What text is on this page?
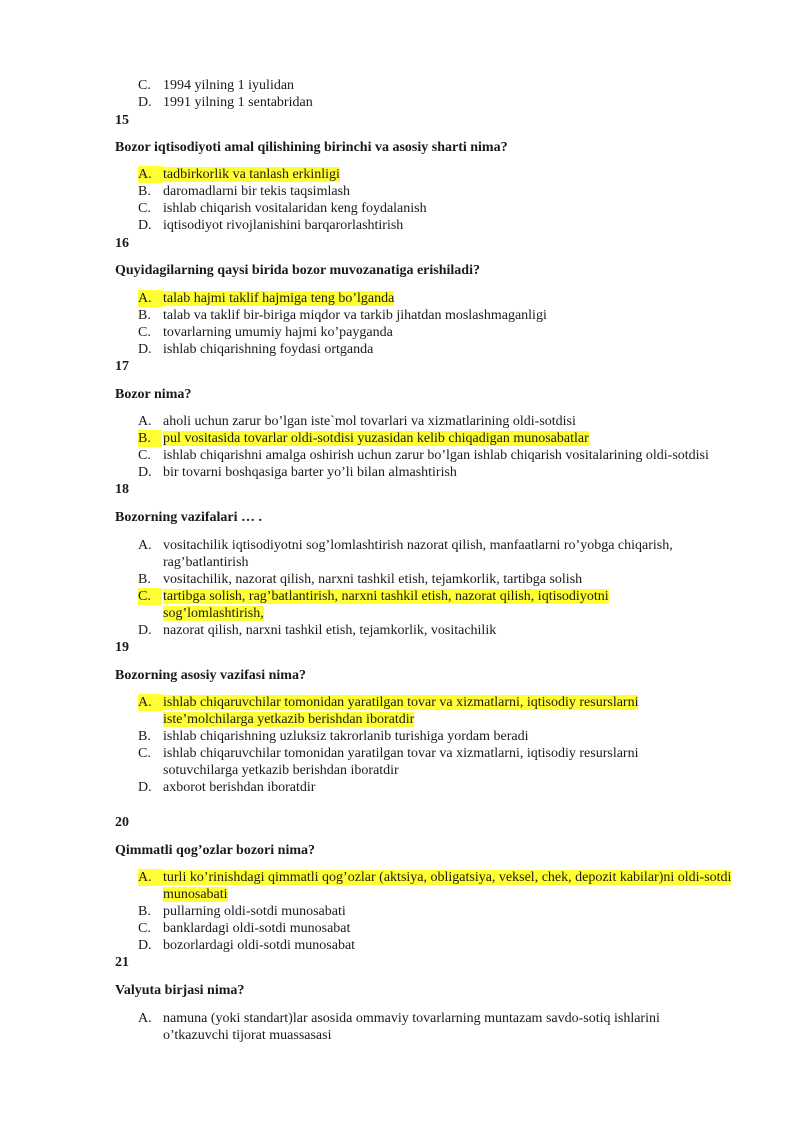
C. 1994 yilning 1 iyulidan
D. 1991 yilning 1 sentabridan
15
Bozor iqtisodiyoti amal qilishining birinchi va asosiy sharti nima?
A. tadbirkorlik va tanlash erkinligi
B. daromadlarni bir tekis taqsimlash
C. ishlab chiqarish vositalaridan keng foydalanish
D. iqtisodiyot rivojlanishini barqarorlashtirish
16
Quyidagilarning qaysi birida bozor muvozanatiga erishiladi?
A. talab hajmi taklif hajmiga teng bo’lganda
B. talab va taklif bir-biriga miqdor va tarkib jihatdan moslashmaganligi
C. tovarlarning umumiy hajmi ko’payganda
D. ishlab chiqarishning foydasi ortganda
17
Bozor nima?
A. aholi uchun zarur bo’lgan iste`mol tovarlari va xizmatlarining oldi-sotdisi
B. pul vositasida tovarlar oldi-sotdisi yuzasidan kelib chiqadigan munosabatlar
C. ishlab chiqarishni amalga oshirish uchun zarur bo’lgan ishlab chiqarish vositalarining oldi-sotdisi
D. bir tovarni boshqasiga barter yo’li bilan almashtirish
18
Bozorning vazifalari … .
A. vositachilik iqtisodiyotni sog’lomlashtirish nazorat qilish, manfaatlarni ro’yobga chiqarish, rag’batlantirish
B. vositachilik, nazorat qilish, narxni tashkil etish, tejamkorlik, tartibga solish
C. tartibga solish, rag’batlantirish, narxni tashkil etish, nazorat qilish, iqtisodiyotni sog’lomlashtirish,
D. nazorat qilish, narxni tashkil etish, tejamkorlik, vositachilik
19
Bozorning asosiy vazifasi nima?
A. ishlab chiqaruvchilar tomonidan yaratilgan tovar va xizmatlarni, iqtisodiy resurslarni iste’molchilarga yetkazib berishdan iboratdir
B. ishlab chiqarishning uzluksiz takrorlanib turishiga yordam beradi
C. ishlab chiqaruvchilar tomonidan yaratilgan tovar va xizmatlarni, iqtisodiy resurslarni sotuvchilarga yetkazib berishdan iboratdir
D. axborot berishdan iboratdir
20
Qimmatli qog’ozlar bozori nima?
A. turli ko’rinishdagi qimmatli qog’ozlar (aktsiya, obligatsiya, veksel, chek, depozit kabilar)ni oldi-sotdi munosabati
B. pullarning oldi-sotdi munosabati
C. banklardagi oldi-sotdi munosabat
D. bozorlardagi oldi-sotdi munosabat
21
Valyuta birjasi nima?
A. namuna (yoki standart)lar asosida ommaviy tovarlarning muntazam savdo-sotiq ishlarini o’tkazuvchi tijorat muassasasi
